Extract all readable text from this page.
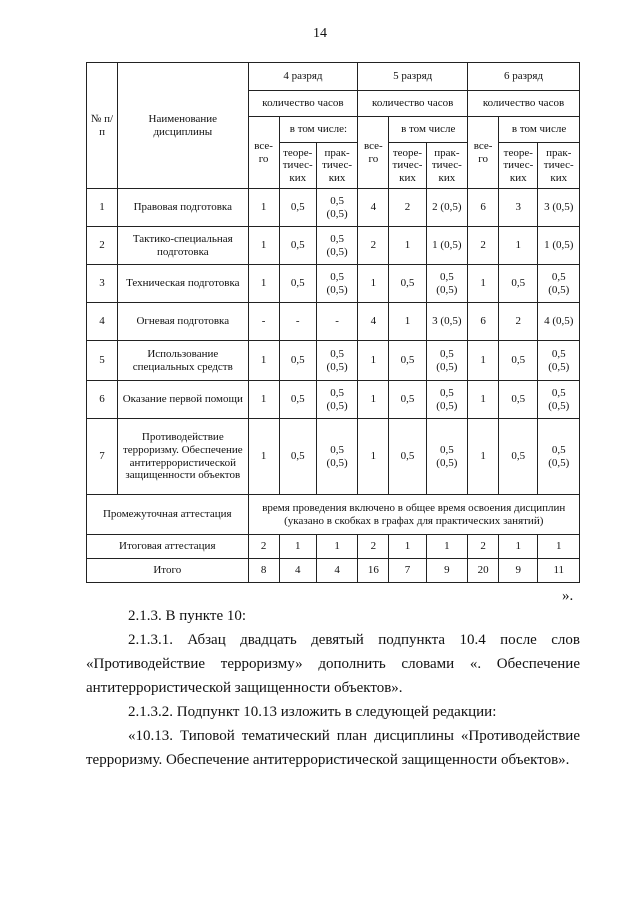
14
№ п/п	Наименование дисциплины	4 разряд			5 разряд			6 разряд		
		количество часов			количество часов			количество часов		
		все-го	в том числе:		все-го	в том числе		все-го	в том числе	
			теоре-тичес-ких	прак-тичес-ких		теоре-тичес-ких	прак-тичес-ких		теоре-тичес-ких	прак-тичес-ких
1	Правовая подготовка	1	0,5	0,5 (0,5)	4	2	2 (0,5)	6	3	3 (0,5)
2	Тактико-специальная подготовка	1	0,5	0,5 (0,5)	2	1	1 (0,5)	2	1	1 (0,5)
3	Техническая подготовка	1	0,5	0,5 (0,5)	1	0,5	0,5 (0,5)	1	0,5	0,5 (0,5)
4	Огневая подготовка	-	-	-	4	1	3 (0,5)	6	2	4 (0,5)
5	Использование специальных средств	1	0,5	0,5 (0,5)	1	0,5	0,5 (0,5)	1	0,5	0,5 (0,5)
6	Оказание первой помощи	1	0,5	0,5 (0,5)	1	0,5	0,5 (0,5)	1	0,5	0,5 (0,5)
7	Противодействие терроризму. Обеспечение антитеррористической защищенности объектов	1	0,5	0,5 (0,5)	1	0,5	0,5 (0,5)	1	0,5	0,5 (0,5)
Промежуточная аттестация		время проведения включено в общее время освоения дисциплин (указано в скобках в графах для практических занятий)								
Итоговая аттестация		2	1	1	2	1	1	2	1	1
Итого		8	4	4	16	7	9	20	9	11
».

2.1.3. В пункте 10:

2.1.3.1. Абзац двадцать девятый подпункта 10.4 после слов «Противодействие терроризму» дополнить словами «. Обеспечение антитеррористической защищенности объектов».

2.1.3.2. Подпункт 10.13 изложить в следующей редакции:

«10.13. Типовой тематический план дисциплины «Противодействие терроризму. Обеспечение антитеррористической защищенности объектов».
